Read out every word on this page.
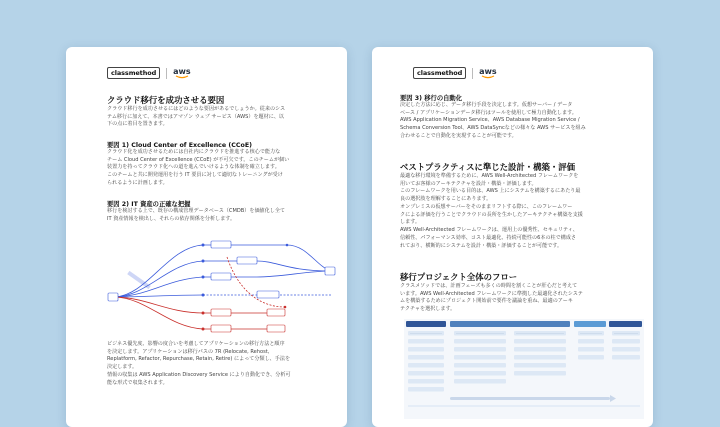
classmethod	aws
クラウド移行を成功させる要因
クラウド移行を成功させるにはどのような要因があるでしょうか。従来のシス
テム移行に加えて、本書ではアマゾン ウェブ サービス（AWS）を題材に、以
下の点に着目を置きます。
要因 1) Cloud Center of Excellence (CCoE)
クラウド化を成功させるためには自社内にクラウドを推進する核心で能力な
チーム Cloud Center of Excellence (CCoE) が不可欠です。このチームが個い
装置力を持ってクラウド化への道を進んでいけるような体制を確立します。
このチームと共に開発運用を行う IT 要員に対して適切なトレーニングが受け
られるように計画します。
要因 2) IT 資産の正確な把握
移行を検討する上で、既存の構成管理データベース（CMDB）を価値化し全て
IT 資産情報を検出し、それらの依存関係を分析します。
ビジネス優先度、影響の度合いを考慮してアプリケーションの移行方法と順序
を決定します。アプリケーションは移行パスの 7R (Relocate, Rehost,
Replatform, Refactor, Repurchase, Retain, Retire) によって分類し、手法を
決定します。
情報の収集は AWS Application Discovery Service により自動化でき、分析可
能な形式で収集されます。
classmethod	aws
要因 3) 移行の自動化
決定した方法に応じ、データ移行手段を決定します。仮想サーバー / データ
ベース / アプリケーションデータ移行はツールを使用して極力自動化します。
AWS Application Migration Service、AWS Database Migration Service /
Schema Conversion Tool、AWS DataSyncなどの様々な AWS サービスを組み
合わせることで自動化を実現することが可能です。
ベストプラクティスに準じた設計・構築・評価
最適な移行環境を準備するために、AWS Well-Architected フレームワークを
用いてお客様のアーキテクチャを設計・構築・評価します。
このフレームワークを用いる目的は、AWS 上にシステムを構築するにあたり最
良の選択肢を理解することにあります。
オンプレミスの仮想サーバーをそのままリフトする際に、このフレームワー
クによる評価を行うことでクラウドの長所を生かしたアーキテクチャ構築を支援
します。
AWS Well-Architected フレームワークは、運用上の優秀性、セキュリティ、
信頼性、パフォーマンス効率、コスト最適化、持続可能性の6本の柱で構成さ
れており、横断的にシステムを設計・構築・評価することが可能です。
移行プロジェクト全体のフロー
クラスメソッドでは、計画フェーズも多くの時間を割くことが肝心だと考えて
います。AWS Well-Architected フレームワークに準拠した最適化されたシステ
ムを構築するためにプロジェクト開始前で要件を議論を重ね、最適のアーキ
テクチャを選択します。
